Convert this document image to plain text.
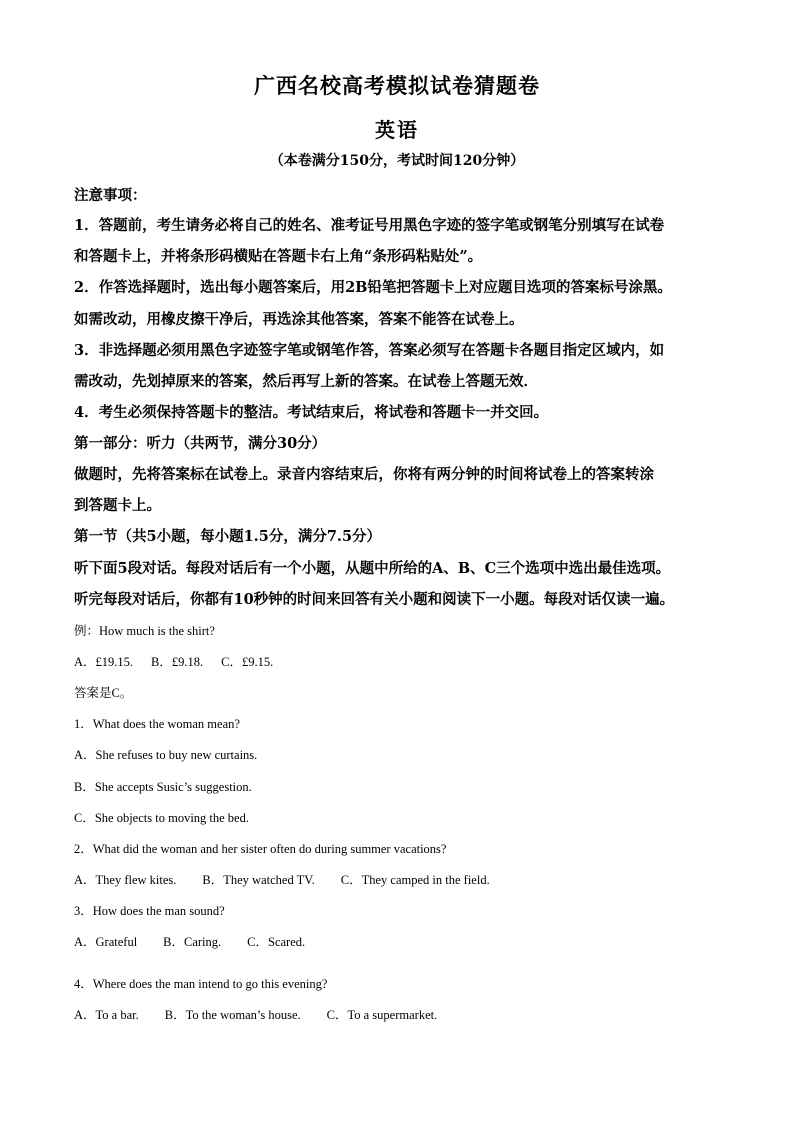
广西名校高考模拟试卷猜题卷
英语
（本卷满分150分，考试时间120分钟）
注意事项：
1．答题前，考生请务必将自己的姓名、准考证号用黑色字迹的签字笔或钢笔分别填写在试卷
和答题卡上，并将条形码横贴在答题卡右上角“条形码粘贴处”。
2．作答选择题时，选出每小题答案后，用2B铅笔把答题卡上对应题目选项的答案标号涂黑。
如需改动，用橡皮擦干净后，再选涂其他答案，答案不能答在试卷上。
3．非选择题必须用黑色字迹签字笔或钢笔作答，答案必须写在答题卡各题目指定区域内，如
需改动，先划掉原来的答案，然后再写上新的答案。在试卷上答题无效．
4．考生必须保持答题卡的整洁。考试结束后，将试卷和答题卡一并交回。
第一部分：听力（共两节，满分30分）
做题时，先将答案标在试卷上。录音内容结束后，你将有两分钟的时间将试卷上的答案转涂
到答题卡上。
第一节（共5小题，每小题1.5分，满分7.5分）
听下面5段对话。每段对话后有一个小题，从题中所给的A、B、C三个选项中选出最佳选项。
听完每段对话后，你都有10秒钟的时间来回答有关小题和阅读下一小题。每段对话仅读一遍。
例：How much is the shirt?
A．£19.15. B．£9.18. C．£9.15.
答案是C。
1．What does the woman mean?
A．She refuses to buy new curtains.
B．She accepts Susic’s suggestion.
C．She objects to moving the bed.
2．What did the woman and her sister often do during summer vacations?
A．They flew kites. B．They watched TV. C．They camped in the field.
3．How does the man sound?
A．Grateful B．Caring. C．Scared.
4．Where does the man intend to go this evening?
A．To a bar. B．To the woman’s house. C．To a supermarket.
